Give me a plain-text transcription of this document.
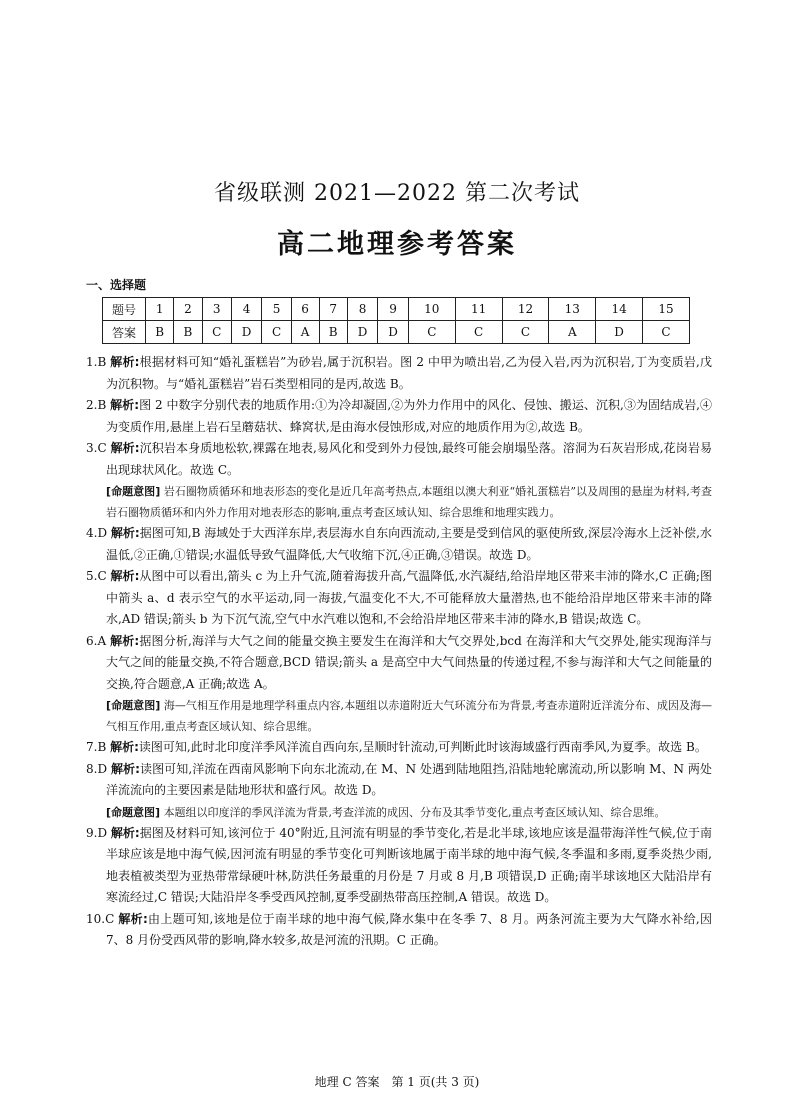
省级联测 2021—2022 第二次考试
高二地理参考答案
一、选择题
题号	1	2	3	4	5	6	7	8	9	10	11	12	13	14	15
答案	B	B	C	D	C	A	B	D	D	C	C	C	A	D	C

1.B 解析:根据材料可知“婚礼蛋糕岩”为砂岩,属于沉积岩。图 2 中甲为喷出岩,乙为侵入岩,丙为沉积岩,丁为变质岩,戊为沉积物。与“婚礼蛋糕岩”岩石类型相同的是丙,故选 B。

2.B 解析:图 2 中数字分别代表的地质作用:①为冷却凝固,②为外力作用中的风化、侵蚀、搬运、沉积,③为固结成岩,④为变质作用,悬崖上岩石呈蘑菇状、蜂窝状,是由海水侵蚀形成,对应的地质作用为②,故选 B。

3.C 解析:沉积岩本身质地松软,裸露在地表,易风化和受到外力侵蚀,最终可能会崩塌坠落。溶洞为石灰岩形成,花岗岩易出现球状风化。故选 C。

[命题意图] 岩石圈物质循环和地表形态的变化是近几年高考热点,本题组以澳大利亚“婚礼蛋糕岩”以及周围的悬崖为材料,考查岩石圈物质循环和内外力作用对地表形态的影响,重点考查区域认知、综合思维和地理实践力。

4.D 解析:据图可知,B 海域处于大西洋东岸,表层海水自东向西流动,主要是受到信风的驱使所致,深层冷海水上泛补偿,水温低,②正确,①错误;水温低导致气温降低,大气收缩下沉,④正确,③错误。故选 D。

5.C 解析:从图中可以看出,箭头 c 为上升气流,随着海拔升高,气温降低,水汽凝结,给沿岸地区带来丰沛的降水,C 正确;图中箭头 a、d 表示空气的水平运动,同一海拔,气温变化不大,不可能释放大量潜热,也不能给沿岸地区带来丰沛的降水,AD 错误;箭头 b 为下沉气流,空气中水汽难以饱和,不会给沿岸地区带来丰沛的降水,B 错误;故选 C。

6.A 解析:据图分析,海洋与大气之间的能量交换主要发生在海洋和大气交界处,bcd 在海洋和大气交界处,能实现海洋与大气之间的能量交换,不符合题意,BCD 错误;箭头 a 是高空中大气间热量的传递过程,不参与海洋和大气之间能量的交换,符合题意,A 正确;故选 A。

[命题意图] 海—气相互作用是地理学科重点内容,本题组以赤道附近大气环流分布为背景,考查赤道附近洋流分布、成因及海—气相互作用,重点考查区域认知、综合思维。

7.B 解析:读图可知,此时北印度洋季风洋流自西向东,呈顺时针流动,可判断此时该海域盛行西南季风,为夏季。故选 B。

8.D 解析:读图可知,洋流在西南风影响下向东北流动,在 M、N 处遇到陆地阻挡,沿陆地轮廓流动,所以影响 M、N 两处洋流流向的主要因素是陆地形状和盛行风。故选 D。

[命题意图] 本题组以印度洋的季风洋流为背景,考查洋流的成因、分布及其季节变化,重点考查区域认知、综合思维。

9.D 解析:据图及材料可知,该河位于 40°附近,且河流有明显的季节变化,若是北半球,该地应该是温带海洋性气候,位于南半球应该是地中海气候,因河流有明显的季节变化可判断该地属于南半球的地中海气候,冬季温和多雨,夏季炎热少雨,地表植被类型为亚热带常绿硬叶林,防洪任务最重的月份是 7 月或 8 月,B 项错误,D 正确;南半球该地区大陆沿岸有寒流经过,C 错误;大陆沿岸冬季受西风控制,夏季受副热带高压控制,A 错误。故选 D。

10.C 解析:由上题可知,该地是位于南半球的地中海气候,降水集中在冬季 7、8 月。两条河流主要为大气降水补给,因 7、8 月份受西风带的影响,降水较多,故是河流的汛期。C 正确。

地理 C 答案　第 1 页(共 3 页)
